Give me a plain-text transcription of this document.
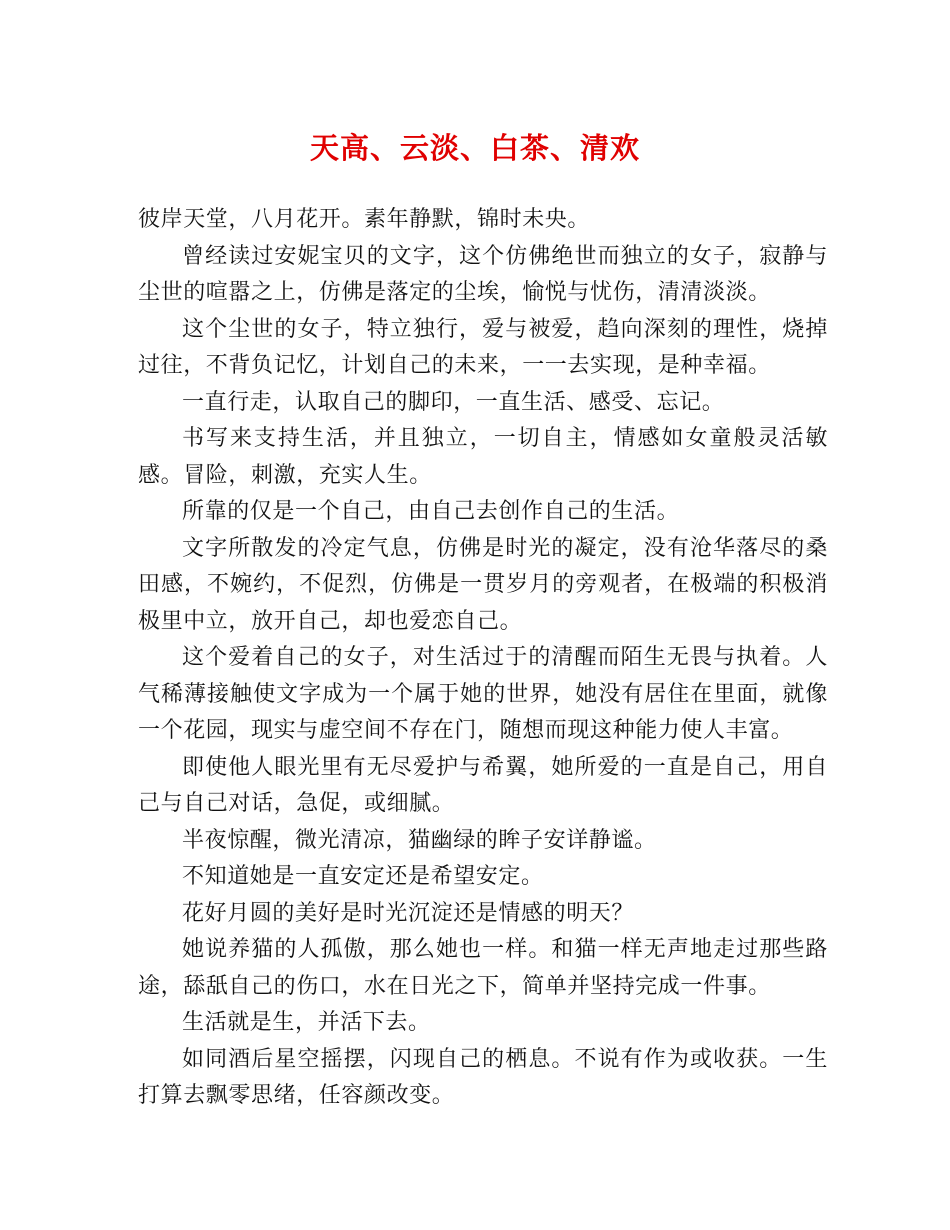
天高、云淡、白茶、清欢

彼岸天堂，八月花开。素年静默，锦时未央。

曾经读过安妮宝贝的文字，这个仿佛绝世而独立的女子，寂静与尘世的喧嚣之上，仿佛是落定的尘埃，愉悦与忧伤，清清淡淡。

这个尘世的女子，特立独行，爱与被爱，趋向深刻的理性，烧掉过往，不背负记忆，计划自己的未来，一一去实现，是种幸福。

一直行走，认取自己的脚印，一直生活、感受、忘记。

书写来支持生活，并且独立，一切自主，情感如女童般灵活敏感。冒险，刺激，充实人生。

所靠的仅是一个自己，由自己去创作自己的生活。

文字所散发的冷定气息，仿佛是时光的凝定，没有沧华落尽的桑田感，不婉约，不促烈，仿佛是一贯岁月的旁观者，在极端的积极消极里中立，放开自己，却也爱恋自己。

这个爱着自己的女子，对生活过于的清醒而陌生无畏与执着。人气稀薄接触使文字成为一个属于她的世界，她没有居住在里面，就像一个花园，现实与虚空间不存在门，随想而现这种能力使人丰富。

即使他人眼光里有无尽爱护与希翼，她所爱的一直是自己，用自己与自己对话，急促，或细腻。

半夜惊醒，微光清凉，猫幽绿的眸子安详静谧。

不知道她是一直安定还是希望安定。

花好月圆的美好是时光沉淀还是情感的明天？

她说养猫的人孤傲，那么她也一样。和猫一样无声地走过那些路途，舔舐自己的伤口，水在日光之下，简单并坚持完成一件事。

生活就是生，并活下去。

如同酒后星空摇摆，闪现自己的栖息。不说有作为或收获。一生打算去飘零思绪，任容颜改变。
